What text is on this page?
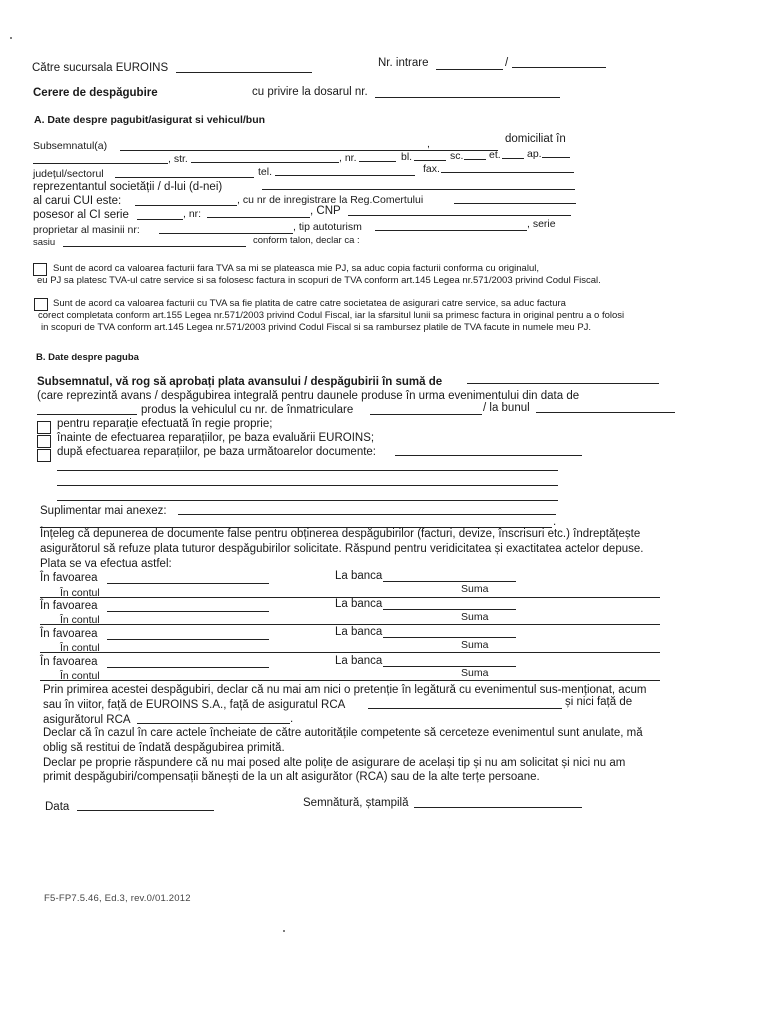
Către sucursala EUROINS	Nr. intrare	/
Cerere de despăgubire	cu privire la dosarul nr.
A. Date despre pagubit/asigurat si vehicul/bun
Subsemnatul(a)	,	domiciliat în
, str.	, nr.	bl.	sc. et.	ap.
județul/sectorul	tel.	fax.
reprezentantul societății / d-lui (d-nei)
al carui CUI este:	, cu nr de inregistrare la Reg.Comertului
posesor al CI serie	, nr:	, CNP
proprietar al masinii nr:	, tip autoturism	, serie
sasiu	conform talon, declar ca :
Sunt de acord ca valoarea facturii fara TVA sa mi se plateasca mie PJ, sa aduc copia facturii conforma cu originalul,
eu PJ sa platesc TVA-ul catre service si sa folosesc factura in scopuri de TVA conform art.145 Legea nr.571/2003 privind Codul Fiscal.
Sunt de acord ca valoarea facturii cu TVA sa fie platita de catre catre societatea de asigurari catre service, sa aduc factura
corect completata conform art.155 Legea nr.571/2003 privind Codul Fiscal, iar la sfarsitul lunii sa primesc factura in original pentru a o folosi
in scopuri de TVA conform art.145 Legea nr.571/2003 privind Codul Fiscal si sa rambursez platile de TVA facute in numele meu PJ.
B. Date despre paguba
Subsemnatul, vă rog să aprobați plata avansului / despăgubirii în sumă de
(care reprezintă avans / despăgubirea integrală pentru daunele produse în urma evenimentului din data de
produs la vehiculul cu nr. de înmatriculare	/ la bunul
pentru reparație efectuată în regie proprie;
înainte de efectuarea reparațiilor, pe baza evaluării EUROINS;
după efectuarea reparațiilor, pe baza următoarelor documente:
Suplimentar mai anexez:
.
Înțeleg că depunerea de documente false pentru obținerea despăgubirilor (facturi, devize, înscrisuri etc.) îndreptățește
asigurătorul să refuze plata tuturor despăgubirilor solicitate. Răspund pentru veridicitatea și exactitatea actelor depuse.
Plata se va efectua astfel:
În favoarea	La banca
În contul	Suma
În favoarea	La banca
În contul	Suma
În favoarea	La banca
În contul	Suma
În favoarea	La banca
În contul	Suma
Prin primirea acestei despăgubiri, declar că nu mai am nici o pretenție în legătură cu evenimentul sus-menționat, acum
sau în viitor, față de EUROINS S.A., față de asiguratul RCA	și nici față de
asigurătorul RCA	.
Declar că în cazul în care actele încheiate de către autoritățile competente să cerceteze evenimentul sunt anulate, mă
oblig să restitui de îndată despăgubirea primită.
Declar pe proprie răspundere că nu mai posed alte polițe de asigurare de același tip și nu am solicitat și nici nu am
primit despăgubiri/compensații bănești de la un alt asigurător (RCA) sau de la alte terțe persoane.
Data	Semnătură, ștampilă
F5-FP7.5.46, Ed.3, rev.0/01.2012
